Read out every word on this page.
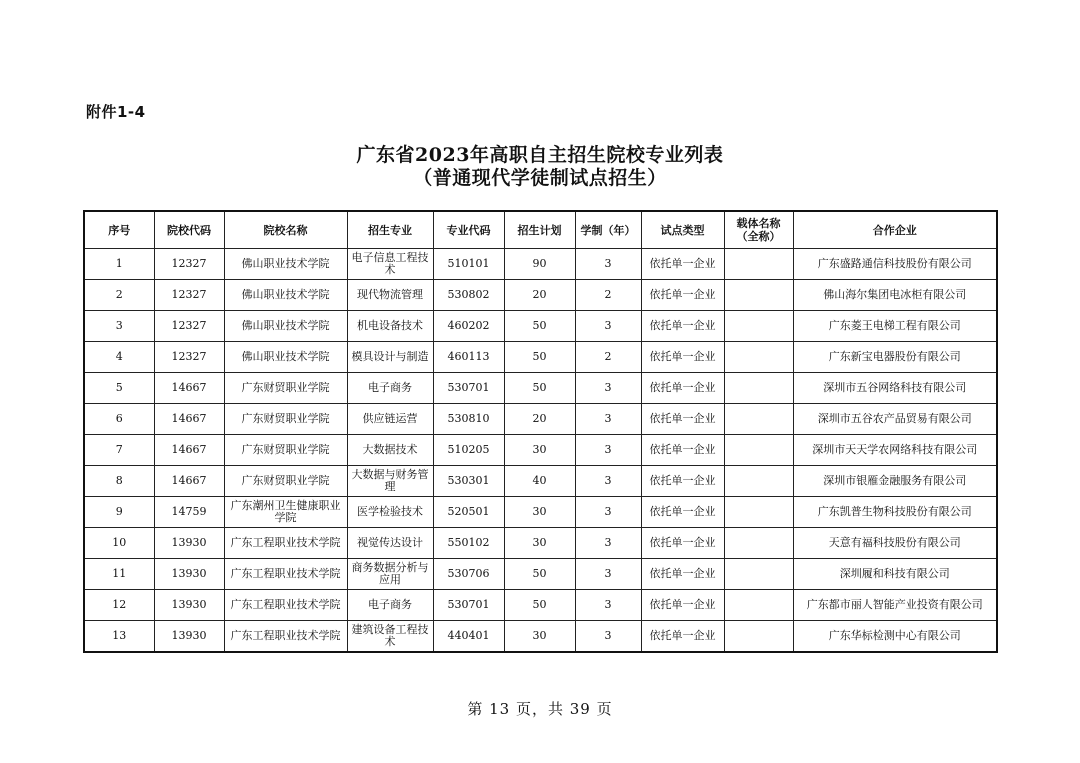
附件1-4
广东省2023年高职自主招生院校专业列表
（普通现代学徒制试点招生）
序号	院校代码	院校名称	招生专业	专业代码	招生计划	学制（年）	试点类型	载体名称（全称）	合作企业
1	12327	佛山职业技术学院	电子信息工程技术	510101	90	3	依托单一企业		广东盛路通信科技股份有限公司
2	12327	佛山职业技术学院	现代物流管理	530802	20	2	依托单一企业		佛山海尔集团电冰柜有限公司
3	12327	佛山职业技术学院	机电设备技术	460202	50	3	依托单一企业		广东菱王电梯工程有限公司
4	12327	佛山职业技术学院	模具设计与制造	460113	50	2	依托单一企业		广东新宝电器股份有限公司
5	14667	广东财贸职业学院	电子商务	530701	50	3	依托单一企业		深圳市五谷网络科技有限公司
6	14667	广东财贸职业学院	供应链运营	530810	20	3	依托单一企业		深圳市五谷农产品贸易有限公司
7	14667	广东财贸职业学院	大数据技术	510205	30	3	依托单一企业		深圳市天天学农网络科技有限公司
8	14667	广东财贸职业学院	大数据与财务管理	530301	40	3	依托单一企业		深圳市银雁金融服务有限公司
9	14759	广东潮州卫生健康职业学院	医学检验技术	520501	30	3	依托单一企业		广东凯普生物科技股份有限公司
10	13930	广东工程职业技术学院	视觉传达设计	550102	30	3	依托单一企业		天意有福科技股份有限公司
11	13930	广东工程职业技术学院	商务数据分析与应用	530706	50	3	依托单一企业		深圳履和科技有限公司
12	13930	广东工程职业技术学院	电子商务	530701	50	3	依托单一企业		广东都市丽人智能产业投资有限公司
13	13930	广东工程职业技术学院	建筑设备工程技术	440401	30	3	依托单一企业		广东华标检测中心有限公司
第 13 页，共 39 页
